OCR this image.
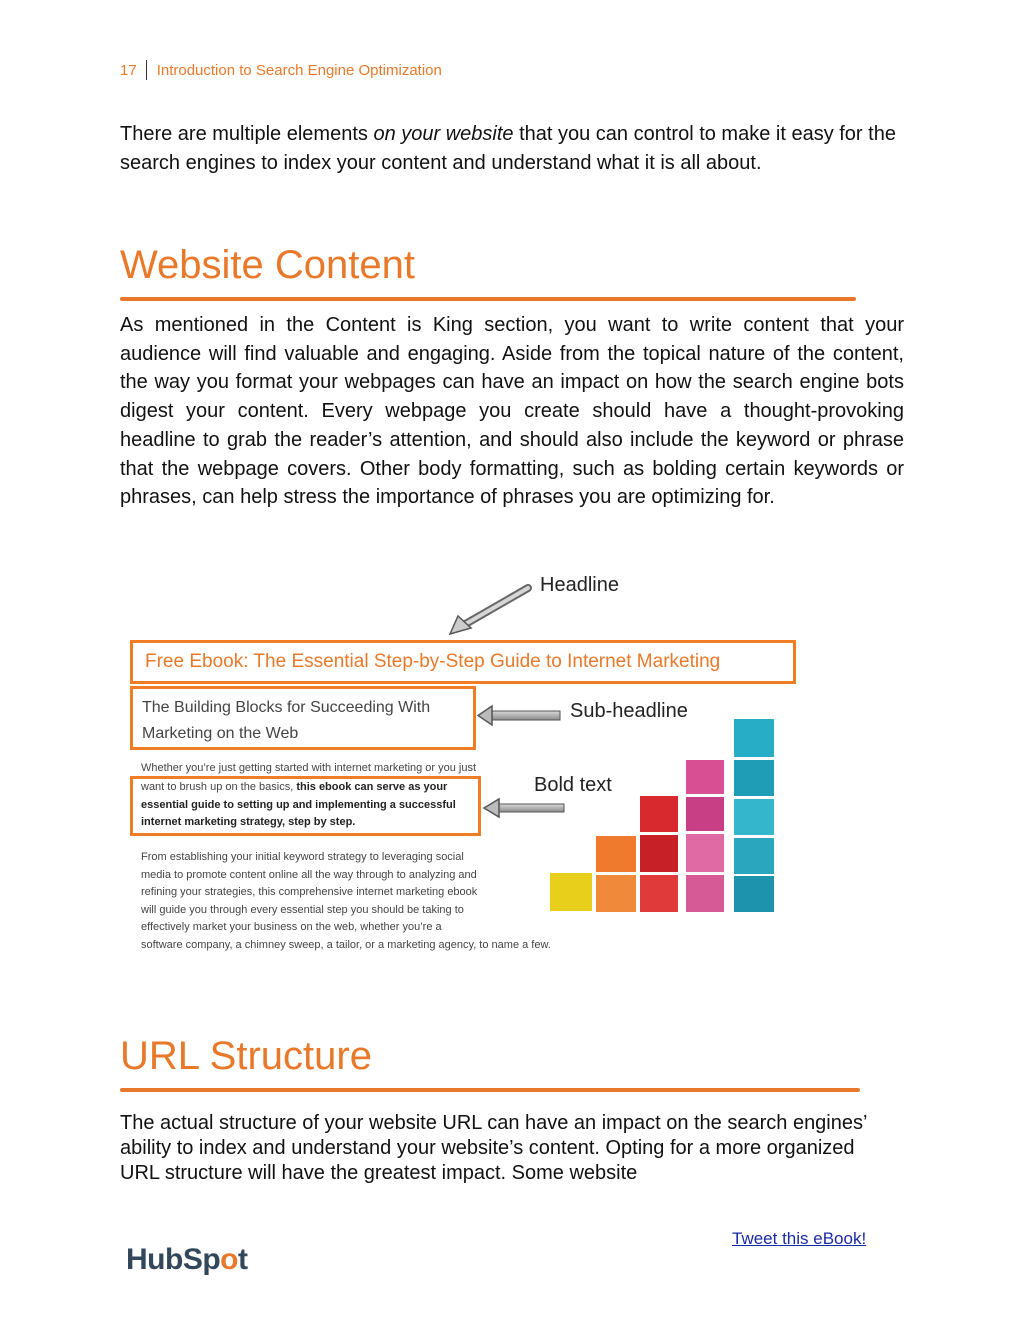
17 Introduction to Search Engine Optimization

There are multiple elements on your website that you can control to make it easy for the search engines to index your content and understand what it is all about.

Website Content

As mentioned in the Content is King section, you want to write content that your audience will find valuable and engaging. Aside from the topical nature of the content, the way you format your webpages can have an impact on how the search engine bots digest your content. Every webpage you create should have a thought-provoking headline to grab the reader’s attention, and should also include the keyword or phrase that the webpage covers. Other body formatting, such as bolding certain keywords or phrases, can help stress the importance of phrases you are optimizing for.

Headline
Sub-headline
Bold text
Free Ebook: The Essential Step-by-Step Guide to Internet Marketing
The Building Blocks for Succeeding With
Marketing on the Web
Whether you’re just getting started with internet marketing or you just
want to brush up on the basics, this ebook can serve as your
essential guide to setting up and implementing a successful
internet marketing strategy, step by step.
From establishing your initial keyword strategy to leveraging social
media to promote content online all the way through to analyzing and
refining your strategies, this comprehensive internet marketing ebook
will guide you through every essential step you should be taking to
effectively market your business on the web, whether you’re a
software company, a chimney sweep, a tailor, or a marketing agency, to name a few.
URL Structure

The actual structure of your website URL can have an impact on the search engines’ ability to index and understand your website’s content. Opting for a more organized URL structure will have the greatest impact. Some website

Tweet this eBook!
HubSpot
